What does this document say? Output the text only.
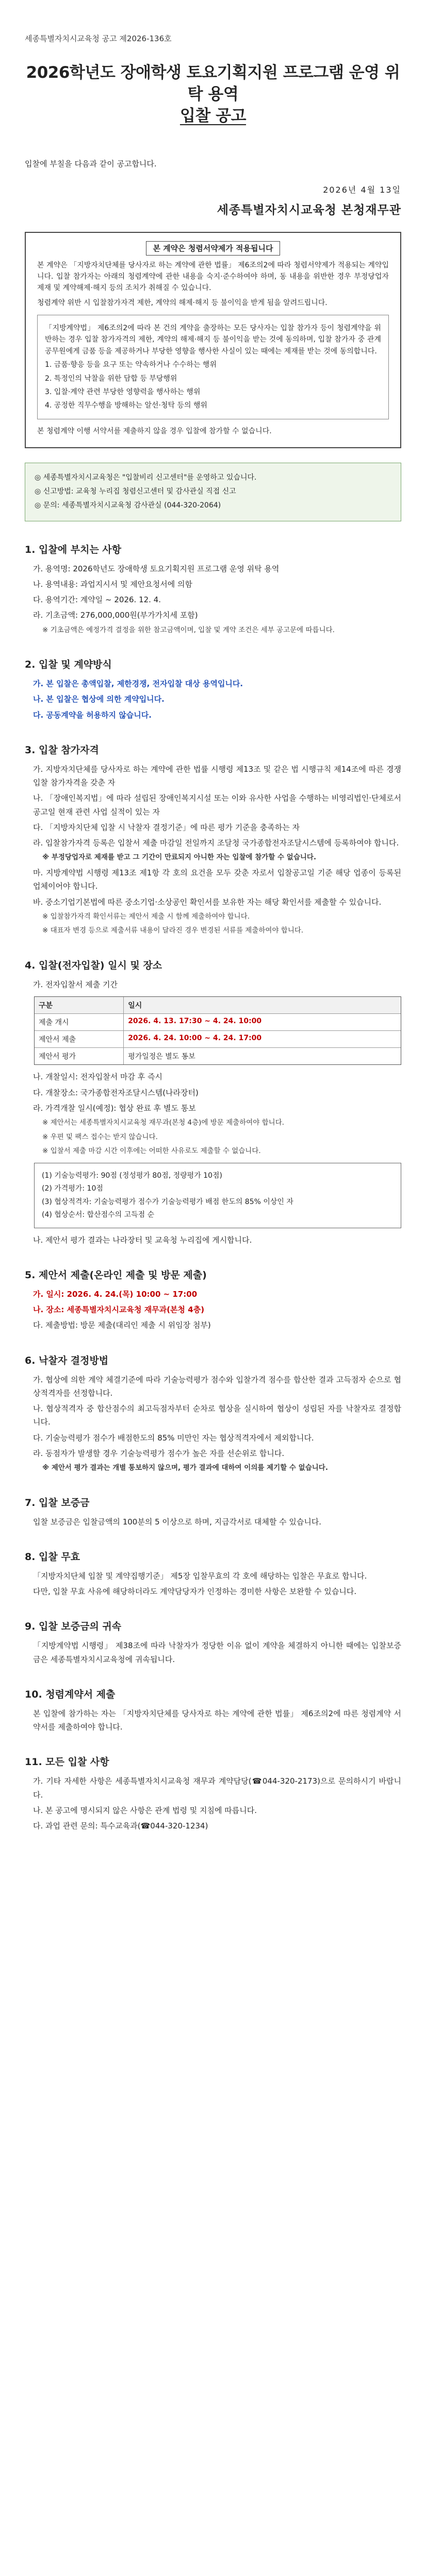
세종특별자치시교육청 공고 제2026-136호
2026학년도 장애학생 토요기획지원 프로그램 운영 위탁 용역
입찰 공고
입찰에 부칠을 다음과 같이 공고합니다.
2026년 4월 13일
세종특별자치시교육청 본청재무관
본 계약은 청렴서약제가 적용됩니다

본 계약은 「지방자치단체를 당사자로 하는 계약에 관한 법률」 제6조의2에 따라 청렴서약제가 적용되는 계약입니다. 입찰 참가자는 아래의 청렴계약에 관한 내용을 숙지·준수하여야 하며, 동 내용을 위반한 경우 부정당업자 제재 및 계약해제·해지 등의 조치가 취해질 수 있습니다.

청렴계약 위반 시 입찰참가자격 제한, 계약의 해제·해지 등 불이익을 받게 됨을 알려드립니다.

「지방계약법」 제6조의2에 따라 본 건의 계약을 출장하는 모든 당사자는 입찰 참가자 등이 청렴계약을 위반하는 경우 입찰 참가자격의 제한, 계약의 해제·해지 등 불이익을 받는 것에 동의하며, 입찰 참가자 중 관계 공무원에게 금품 등을 제공하거나 부당한 영향을 행사한 사실이 있는 때에는 제재를 받는 것에 동의합니다.

1. 금품·향응 등을 요구 또는 약속하거나 수수하는 행위

2. 특정인의 낙찰을 위한 담합 등 부당행위

3. 입찰·계약 관련 부당한 영향력을 행사하는 행위

4. 공정한 직무수행을 방해하는 알선·청탁 등의 행위

본 청렴계약 이행 서약서를 제출하지 않을 경우 입찰에 참가할 수 없습니다.

◎ 세종특별자치시교육청은 "입찰비리 신고센터"를 운영하고 있습니다.

◎ 신고방법: 교육청 누리집 청렴신고센터 및 감사관실 직접 신고

◎ 문의: 세종특별자치시교육청 감사관실 (044-320-2064)

1. 입찰에 부치는 사항
가. 용역명: 2026학년도 장애학생 토요기획지원 프로그램 운영 위탁 용역
나. 용역내용: 과업지시서 및 제안요청서에 의함
다. 용역기간: 계약일 ~ 2026. 12. 4.
라. 기초금액: 276,000,000원(부가가치세 포함)
※ 기초금액은 예정가격 결정을 위한 참고금액이며, 입찰 및 계약 조건은 세부 공고문에 따릅니다.
2. 입찰 및 계약방식
가. 본 입찰은 총액입찰, 제한경쟁, 전자입찰 대상 용역입니다.
나. 본 입찰은 협상에 의한 계약입니다.
다. 공동계약을 허용하지 않습니다.
3. 입찰 참가자격
가. 지방자치단체를 당사자로 하는 계약에 관한 법률 시행령 제13조 및 같은 법 시행규칙 제14조에 따른 경쟁입찰 참가자격을 갖춘 자
나. 「장애인복지법」에 따라 설립된 장애인복지시설 또는 이와 유사한 사업을 수행하는 비영리법인·단체로서 공고일 현재 관련 사업 실적이 있는 자
다. 「지방자치단체 입찰 시 낙찰자 결정기준」에 따른 평가 기준을 충족하는 자
라. 입찰참가자격 등록은 입찰서 제출 마감일 전일까지 조달청 국가종합전자조달시스템에 등록하여야 합니다.
※ 부정당업자로 제재를 받고 그 기간이 만료되지 아니한 자는 입찰에 참가할 수 없습니다.
마. 지방계약법 시행령 제13조 제1항 각 호의 요건을 모두 갖춘 자로서 입찰공고일 기준 해당 업종이 등록된 업체이어야 합니다.
바. 중소기업기본법에 따른 중소기업·소상공인 확인서를 보유한 자는 해당 확인서를 제출할 수 있습니다.
※ 입찰참가자격 확인서류는 제안서 제출 시 함께 제출하여야 합니다.
※ 대표자 변경 등으로 제출서류 내용이 달라진 경우 변경된 서류를 제출하여야 합니다.
4. 입찰(전자입찰) 일시 및 장소
가. 전자입찰서 제출 기간
구분	일시
제출 개시	2026. 4. 13. 17:30 ~ 4. 24. 10:00
제안서 제출	2026. 4. 24. 10:00 ~ 4. 24. 17:00
제안서 평가	평가일정은 별도 통보
나. 개찰일시: 전자입찰서 마감 후 즉시
다. 개찰장소: 국가종합전자조달시스템(나라장터)
라. 가격개찰 일시(예정): 협상 완료 후 별도 통보
※ 제안서는 세종특별자치시교육청 재무과(본청 4층)에 방문 제출하여야 합니다.
※ 우편 및 팩스 접수는 받지 않습니다.
※ 입찰서 제출 마감 시간 이후에는 어떠한 사유로도 제출할 수 없습니다.

(1) 기술능력평가: 90점 (정성평가 80점, 정량평가 10점)

(2) 가격평가: 10점

(3) 협상적격자: 기술능력평가 점수가 기술능력평가 배점 한도의 85% 이상인 자

(4) 협상순서: 합산점수의 고득점 순

나. 제안서 평가 결과는 나라장터 및 교육청 누리집에 게시합니다.
5. 제안서 제출(온라인 제출 및 방문 제출)
가. 일시: 2026. 4. 24.(목) 10:00 ~ 17:00
나. 장소: 세종특별자치시교육청 재무과(본청 4층)
다. 제출방법: 방문 제출(대리인 제출 시 위임장 첨부)
6. 낙찰자 결정방법
가. 협상에 의한 계약 체결기준에 따라 기술능력평가 점수와 입찰가격 점수를 합산한 결과 고득점자 순으로 협상적격자를 선정합니다.
나. 협상적격자 중 합산점수의 최고득점자부터 순차로 협상을 실시하여 협상이 성립된 자를 낙찰자로 결정합니다.
다. 기술능력평가 점수가 배점한도의 85% 미만인 자는 협상적격자에서 제외합니다.
라. 동점자가 발생할 경우 기술능력평가 점수가 높은 자를 선순위로 합니다.
※ 제안서 평가 결과는 개별 통보하지 않으며, 평가 결과에 대하여 이의를 제기할 수 없습니다.
7. 입찰 보증금
입찰 보증금은 입찰금액의 100분의 5 이상으로 하며, 지급각서로 대체할 수 있습니다.
8. 입찰 무효
「지방자치단체 입찰 및 계약집행기준」 제5장 입찰무효의 각 호에 해당하는 입찰은 무효로 합니다.
다만, 입찰 무효 사유에 해당하더라도 계약담당자가 인정하는 경미한 사항은 보완할 수 있습니다.
9. 입찰 보증금의 귀속
「지방계약법 시행령」 제38조에 따라 낙찰자가 정당한 이유 없이 계약을 체결하지 아니한 때에는 입찰보증금은 세종특별자치시교육청에 귀속됩니다.
10. 청렴계약서 제출
본 입찰에 참가하는 자는 「지방자치단체를 당사자로 하는 계약에 관한 법률」 제6조의2에 따른 청렴계약 서약서를 제출하여야 합니다.
11. 모든 입찰 사항
가. 기타 자세한 사항은 세종특별자치시교육청 재무과 계약담당(☎044-320-2173)으로 문의하시기 바랍니다.
나. 본 공고에 명시되지 않은 사항은 관계 법령 및 지침에 따릅니다.
다. 과업 관련 문의: 특수교육과(☎044-320-1234)
